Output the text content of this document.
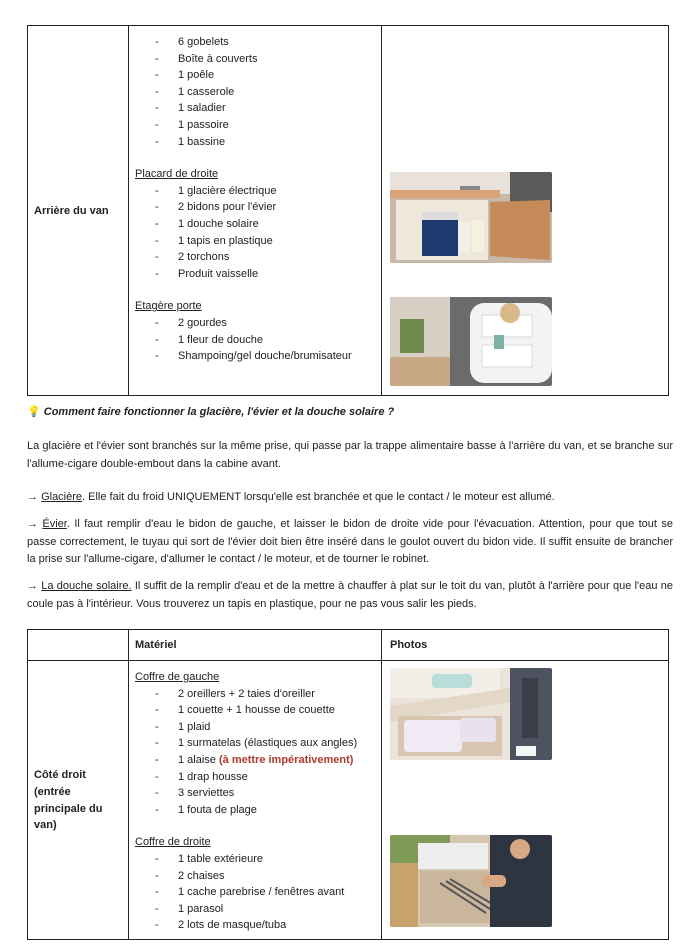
Arrière du van
- 6 gobelets
- Boîte à couverts
- 1 poêle
- 1 casserole
- 1 saladier
- 1 passoire
- 1 bassine
Placard de droite
- 1 glacière électrique
- 2 bidons pour l'évier
- 1 douche solaire
- 1 tapis en plastique
- 2 torchons
- Produit vaisselle
Etagère porte
- 2 gourdes
- 1 fleur de douche
- Shampoing/gel douche/brumisateur

💡 Comment faire fonctionner la glacière, l'évier et la douche solaire ?

La glacière et l'évier sont branchés sur la même prise, qui passe par la trappe alimentaire basse à l'arrière du van, et se branche sur l'allume-cigare double-embout dans la cabine avant.

→ Glacière. Elle fait du froid UNIQUEMENT lorsqu'elle est branchée et que le contact / le moteur est allumé.

→ Évier. Il faut remplir d'eau le bidon de gauche, et laisser le bidon de droite vide pour l'évacuation. Attention, pour que tout se passe correctement, le tuyau qui sort de l'évier doit bien être inséré dans le goulot ouvert du bidon vide. Il suffit ensuite de brancher la prise sur l'allume-cigare, d'allumer le contact / le moteur, et de tourner le robinet.

→ La douche solaire. Il suffit de la remplir d'eau et de la mettre à chauffer à plat sur le toit du van, plutôt à l'arrière pour que l'eau ne coule pas à l'intérieur. Vous trouverez un tapis en plastique, pour ne pas vous salir les pieds.

Matériel	Photos
Côté droit (entrée principale du van)
Coffre de gauche
- 2 oreillers + 2 taies d'oreiller
- 1 couette + 1 housse de couette
- 1 plaid
- 1 surmatelas (élastiques aux angles)
- 1 alaise (à mettre impérativement)
- 1 drap housse
- 3 serviettes
- 1 fouta de plage
Coffre de droite
- 1 table extérieure
- 2 chaises
- 1 cache parebrise / fenêtres avant
- 1 parasol
- 2 lots de masque/tuba
